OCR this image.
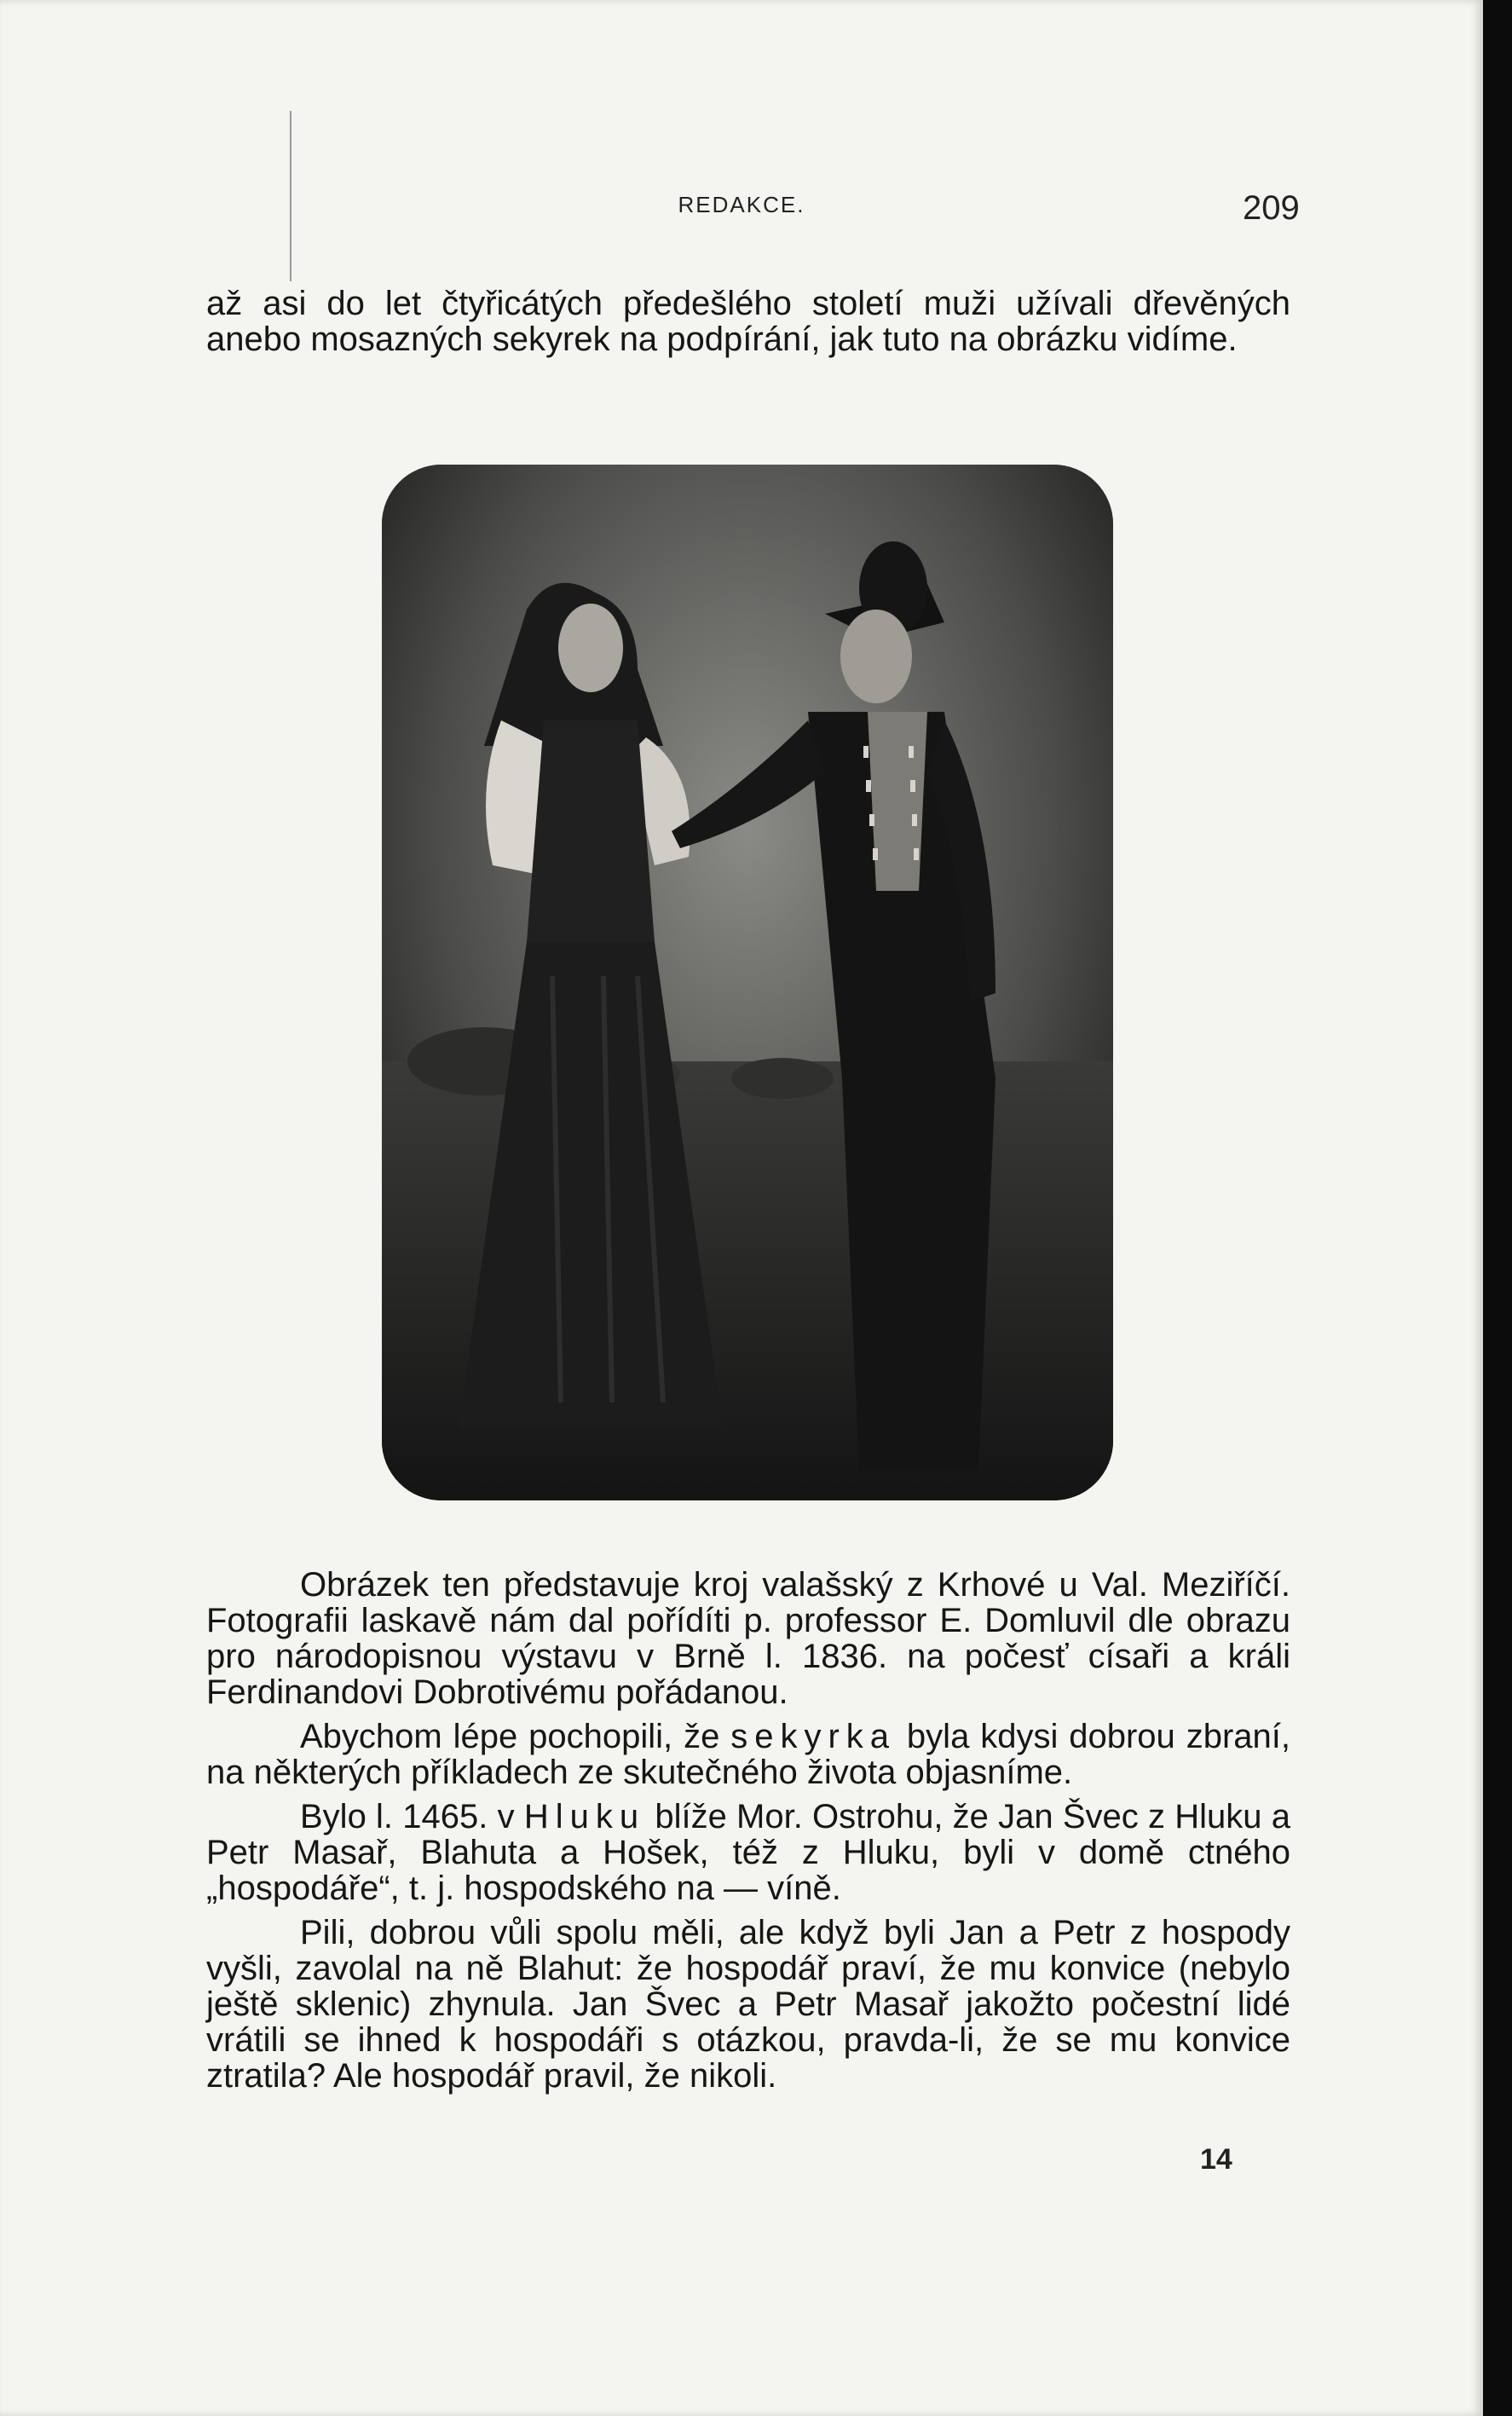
REDAKCE.	209

až asi do let čtyřicátých předešlého století muži užívali dřevěných anebo mosazných sekyrek na podpírání, jak tuto na obrázku vidíme.

Obrázek ten představuje kroj valašský z Krhové u Val. Meziříčí. Fotografii laskavě nám dal pořídíti p. professor E. Domluvil dle obrazu pro národopisnou výstavu v Brně l. 1836. na počesť císaři a králi Ferdinandovi Dobrotivému pořádanou.

Abychom lépe pochopili, že sekyrka byla kdysi dobrou zbraní, na některých příkladech ze skutečného života objasníme.

Bylo l. 1465. v Hluku blíže Mor. Ostrohu, že Jan Švec z Hluku a Petr Masař, Blahuta a Hošek, též z Hluku, byli v domě ctného „hospodáře“, t. j. hospodského na — víně.

Pili, dobrou vůli spolu měli, ale když byli Jan a Petr z hospody vyšli, zavolal na ně Blahut: že hospodář praví, že mu konvice (nebylo ještě sklenic) zhynula. Jan Švec a Petr Masař jakožto počestní lidé vrátili se ihned k hospodáři s otázkou, pravda-li, že se mu konvice ztratila? Ale hospodář pravil, že nikoli.

14
